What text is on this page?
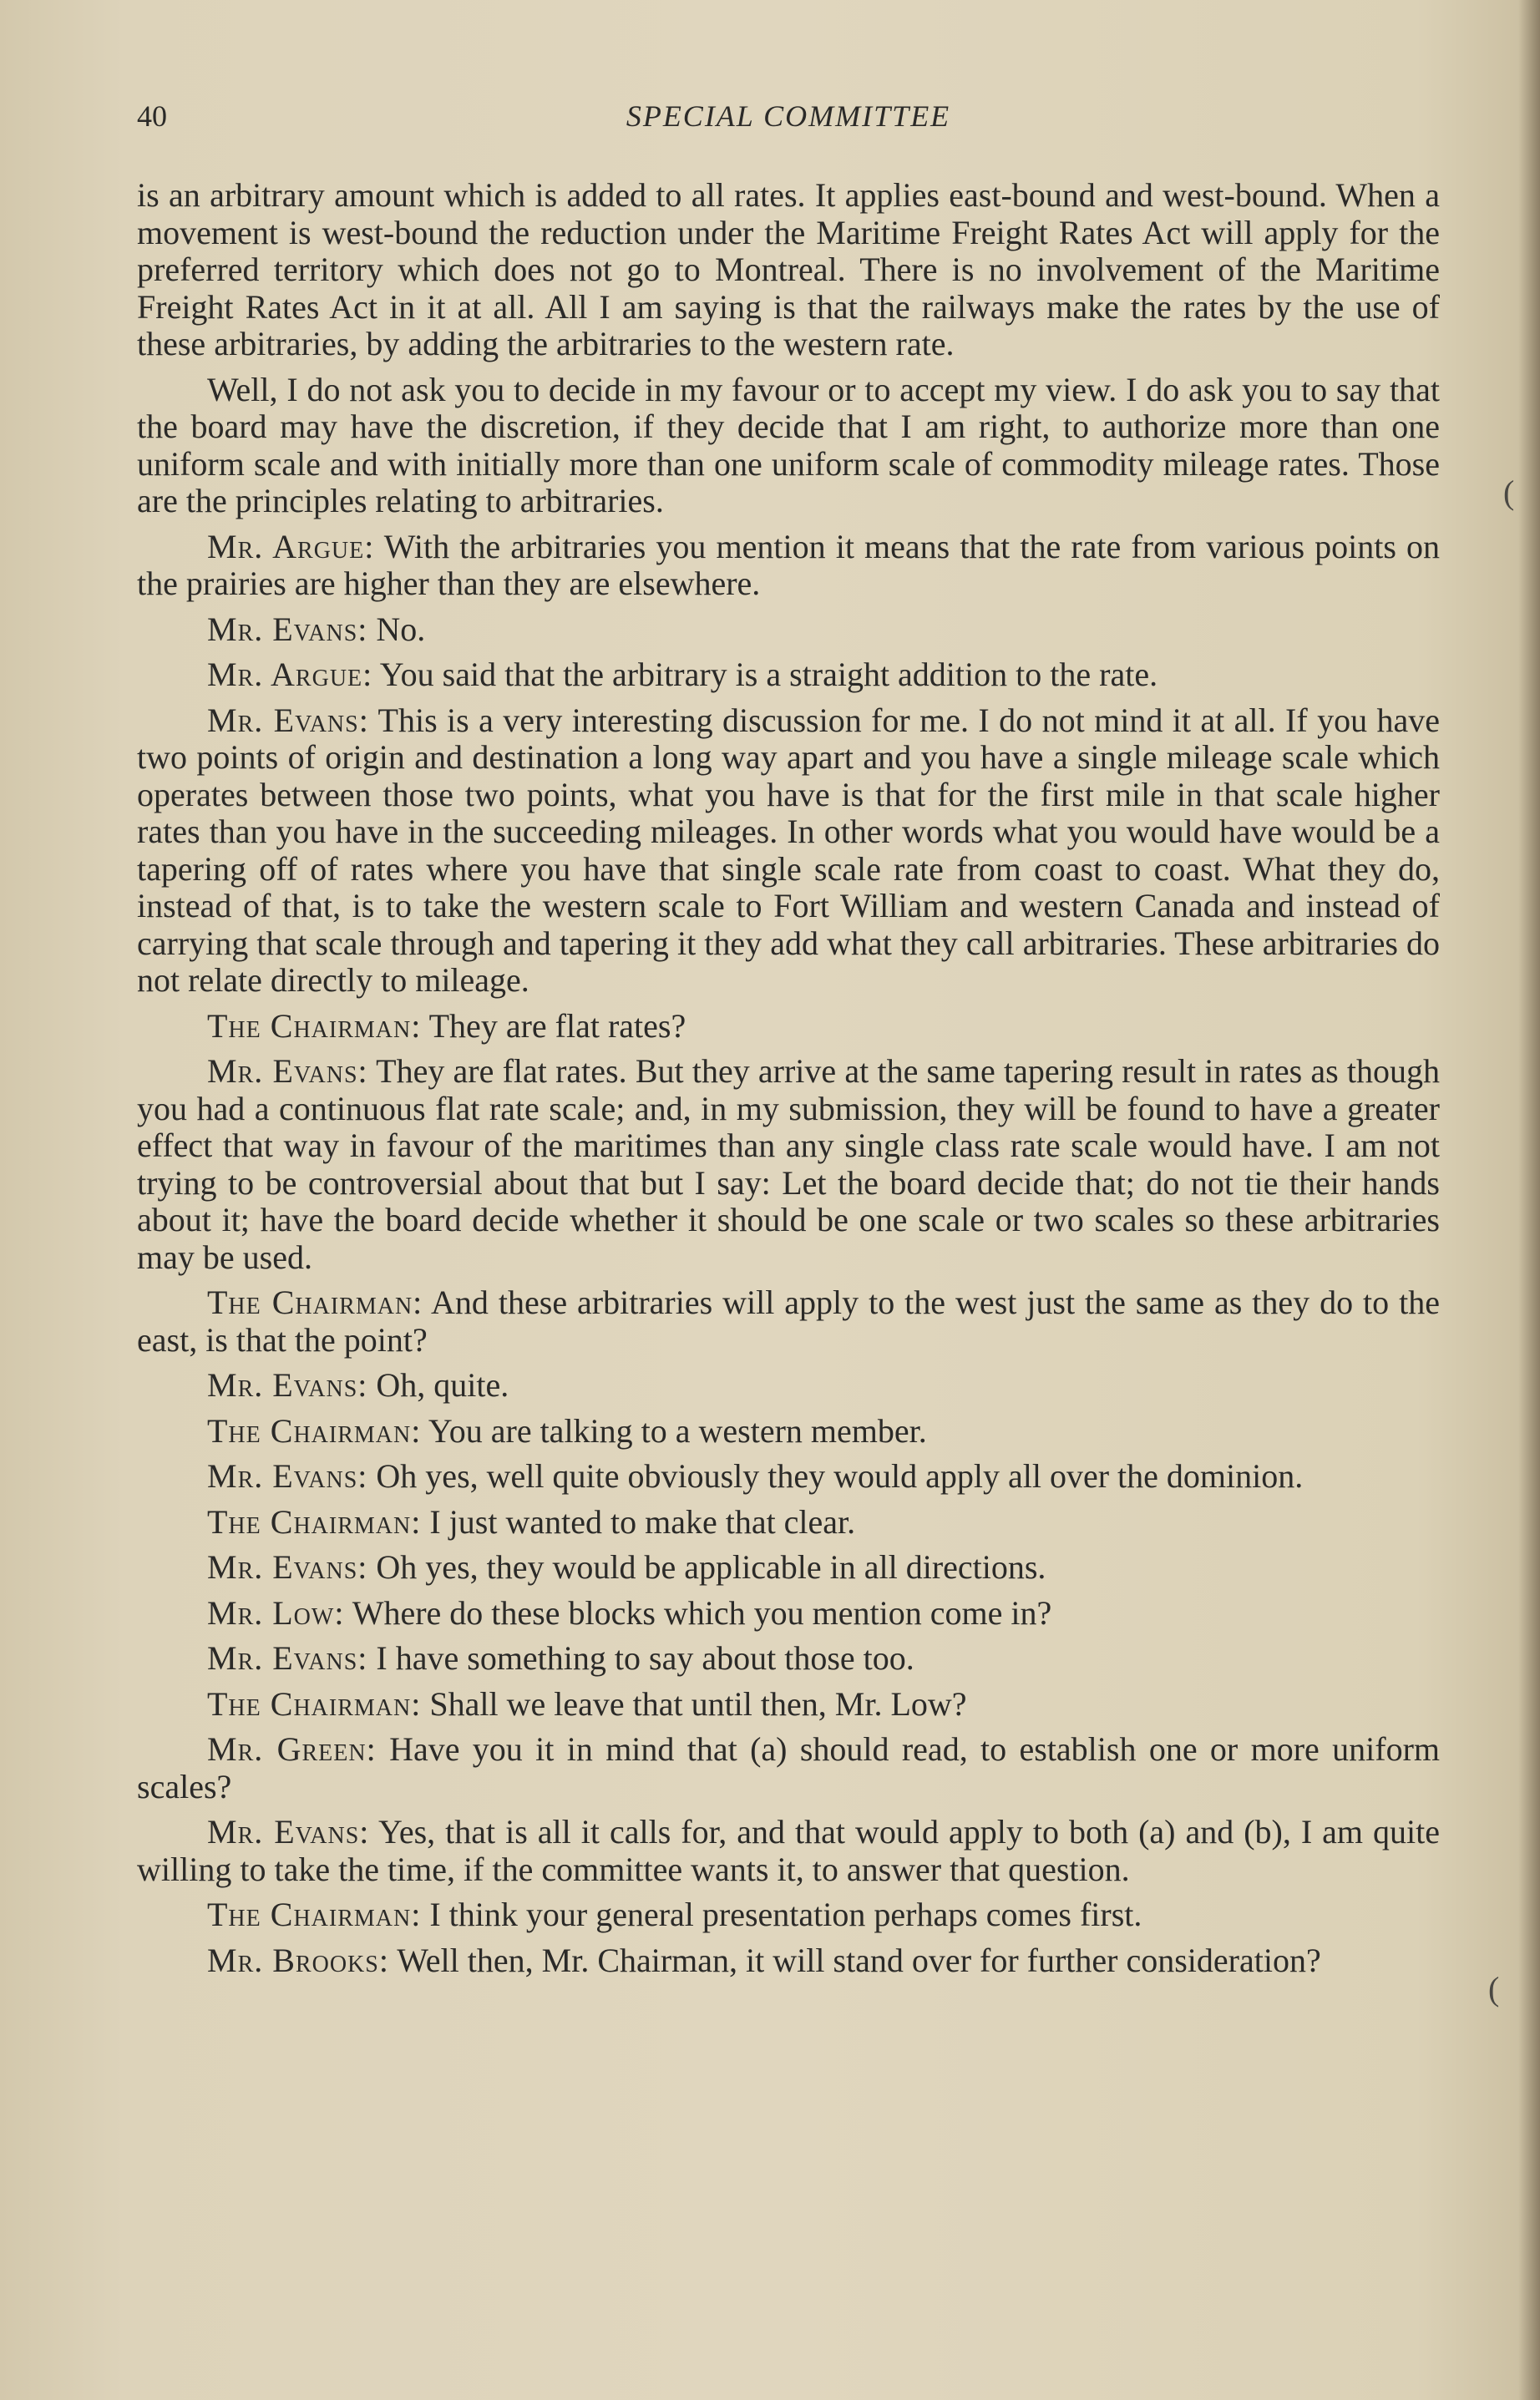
40	SPECIAL COMMITTEE

is an arbitrary amount which is added to all rates. It applies east-bound and west-bound. When a movement is west-bound the reduction under the Maritime Freight Rates Act will apply for the preferred territory which does not go to Montreal. There is no involvement of the Maritime Freight Rates Act in it at all. All I am saying is that the railways make the rates by the use of these arbitraries, by adding the arbitraries to the western rate.

Well, I do not ask you to decide in my favour or to accept my view. I do ask you to say that the board may have the discretion, if they decide that I am right, to authorize more than one uniform scale and with initially more than one uniform scale of commodity mileage rates. Those are the principles relating to arbitraries.

Mr. Argue: With the arbitraries you mention it means that the rate from various points on the prairies are higher than they are elsewhere.

Mr. Evans: No.

Mr. Argue: You said that the arbitrary is a straight addition to the rate.

Mr. Evans: This is a very interesting discussion for me. I do not mind it at all. If you have two points of origin and destination a long way apart and you have a single mileage scale which operates between those two points, what you have is that for the first mile in that scale higher rates than you have in the succeeding mileages. In other words what you would have would be a tapering off of rates where you have that single scale rate from coast to coast. What they do, instead of that, is to take the western scale to Fort William and western Canada and instead of carrying that scale through and tapering it they add what they call arbitraries. These arbitraries do not relate directly to mileage.

The Chairman: They are flat rates?

Mr. Evans: They are flat rates. But they arrive at the same tapering result in rates as though you had a continuous flat rate scale; and, in my submission, they will be found to have a greater effect that way in favour of the maritimes than any single class rate scale would have. I am not trying to be controversial about that but I say: Let the board decide that; do not tie their hands about it; have the board decide whether it should be one scale or two scales so these arbitraries may be used.

The Chairman: And these arbitraries will apply to the west just the same as they do to the east, is that the point?

Mr. Evans: Oh, quite.

The Chairman: You are talking to a western member.

Mr. Evans: Oh yes, well quite obviously they would apply all over the dominion.

The Chairman: I just wanted to make that clear.

Mr. Evans: Oh yes, they would be applicable in all directions.

Mr. Low: Where do these blocks which you mention come in?

Mr. Evans: I have something to say about those too.

The Chairman: Shall we leave that until then, Mr. Low?

Mr. Green: Have you it in mind that (a) should read, to establish one or more uniform scales?

Mr. Evans: Yes, that is all it calls for, and that would apply to both (a) and (b), I am quite willing to take the time, if the committee wants it, to answer that question.

The Chairman: I think your general presentation perhaps comes first.

Mr. Brooks: Well then, Mr. Chairman, it will stand over for further consideration?

(
(
